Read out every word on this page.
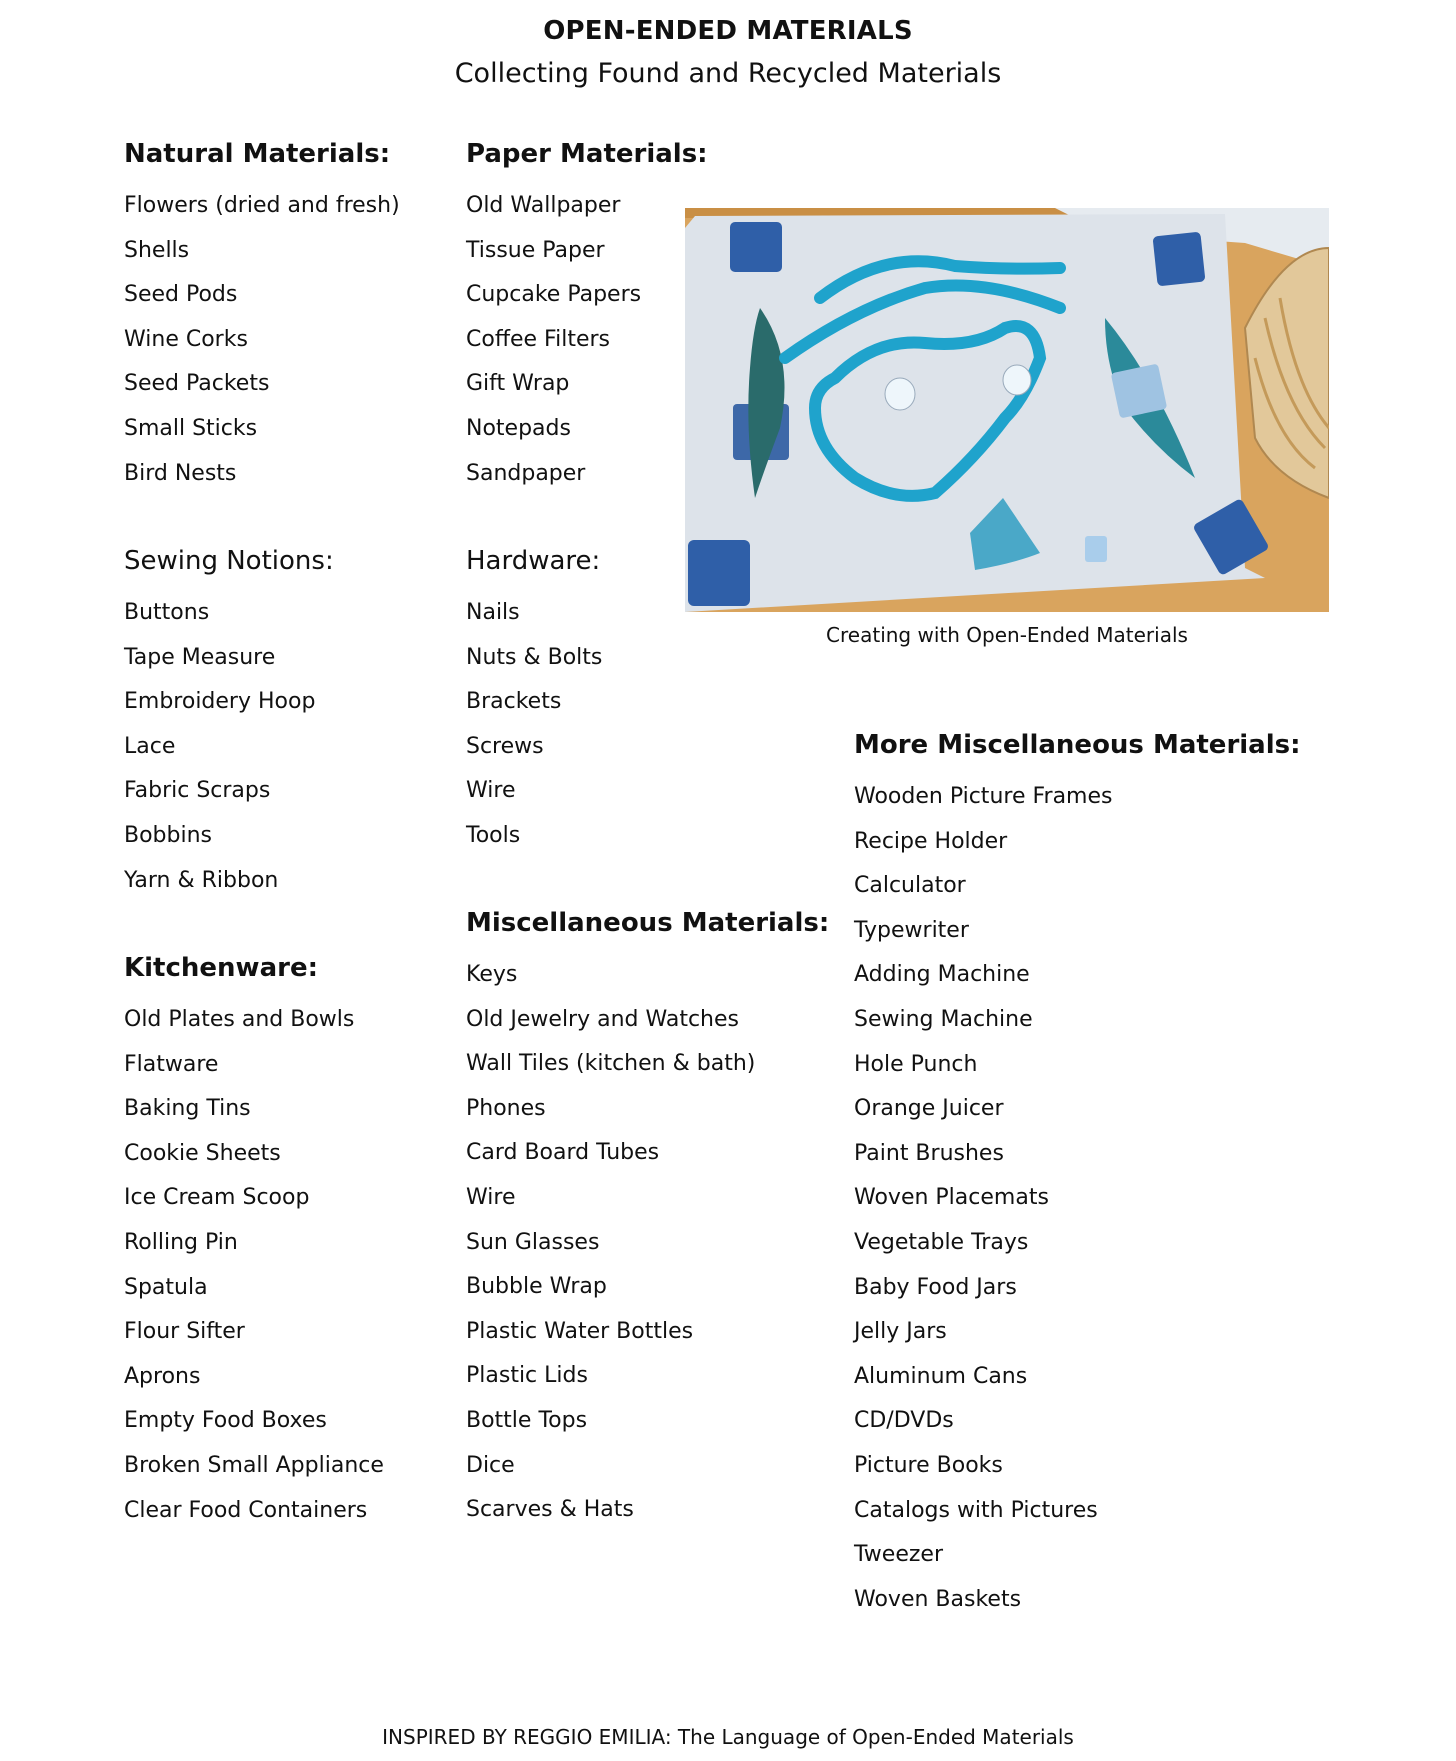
OPEN-ENDED MATERIALS
Collecting Found and Recycled Materials
Natural Materials:
Flowers (dried and fresh)
Shells
Seed Pods
Wine Corks
Seed Packets
Small Sticks
Bird Nests
Paper Materials:
Old Wallpaper
Tissue Paper
Cupcake Papers
Coffee Filters
Gift Wrap
Notepads
Sandpaper
Sewing Notions:
Buttons
Tape Measure
Embroidery Hoop
Lace
Fabric Scraps
Bobbins
Yarn & Ribbon
Hardware:
Nails
Nuts & Bolts
Brackets
Screws
Wire
Tools
Kitchenware:
Old Plates and Bowls
Flatware
Baking Tins
Cookie Sheets
Ice Cream Scoop
Rolling Pin
Spatula
Flour Sifter
Aprons
Empty Food Boxes
Broken Small Appliance
Clear Food Containers
Miscellaneous Materials:
Keys
Old Jewelry and Watches
Wall Tiles (kitchen & bath)
Phones
Card Board Tubes
Wire
Sun Glasses
Bubble Wrap
Plastic Water Bottles
Plastic Lids
Bottle Tops
Dice
Scarves & Hats
More Miscellaneous Materials:
Wooden Picture Frames
Recipe Holder
Calculator
Typewriter
Adding Machine
Sewing Machine
Hole Punch
Orange Juicer
Paint Brushes
Woven Placemats
Vegetable Trays
Baby Food Jars
Jelly Jars
Aluminum Cans
CD/DVDs
Picture Books
Catalogs with Pictures
Tweezer
Woven Baskets
Creating with Open-Ended Materials
INSPIRED BY REGGIO EMILIA: The Language of Open-Ended Materials
